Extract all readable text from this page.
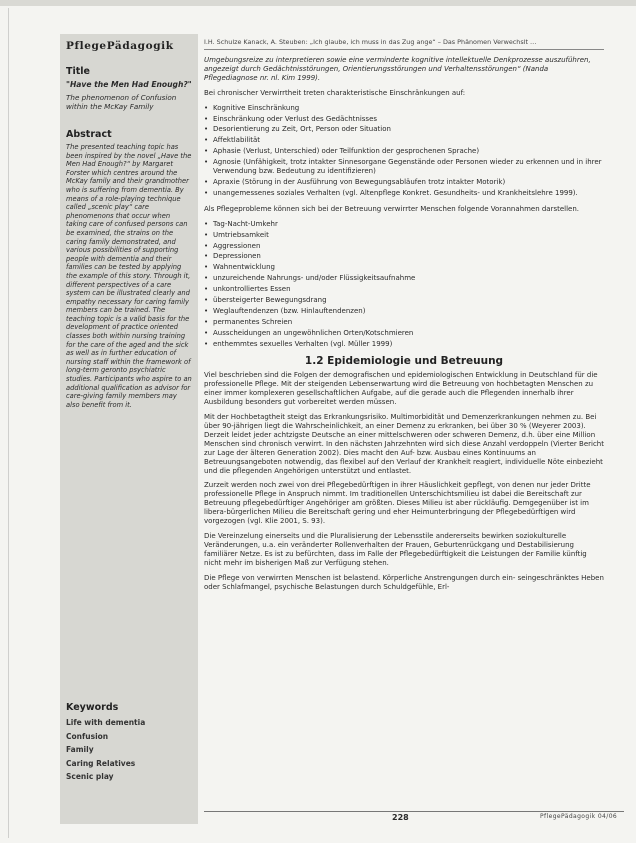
PflegePädagogik
Title
"Have the Men Had Enough?"
The phenomenon of Confusion within the McKay Family
Abstract

The presented teaching topic has been inspired by the novel „Have the Men Had Enough?“ by Margaret Forster which centres around the McKay family and their grandmother who is suffering from dementia. By means of a role-playing technique called „scenic play“ care phenomenons that occur when taking care of confused persons can be examined, the strains on the caring family demonstrated, and various possibilities of supporting people with dementia and their families can be tested by applying the example of this story. Through it, different perspectives of a care system can be illustrated clearly and empathy necessary for caring family members can be trained. The teaching topic is a valid basis for the development of practice oriented classes both within nursing training for the care of the aged and the sick as well as in further education of nursing staff within the framework of long-term geronto psychiatric studies. Participants who aspire to an additional qualification as advisor for care-giving family members may also benefit from it.

Keywords
Life with dementia
Confusion
Family
Caring Relatives
Scenic play
I.H. Schulze Kanack, A. Steuben: „Ich glaube, ich muss in das Zug ange“ – Das Phänomen Verwechslt …

Umgebungsreize zu interpretieren sowie eine verminderte kognitive intellektuelle Denkprozesse auszuführen, angezeigt durch Gedächtnisstörungen, Orientierungsstörungen und Verhaltensstörungen“ (Nanda Pflegediagnose nr. nl. Kim 1999).

Bei chronischer Verwirrtheit treten charakteristische Einschränkungen auf:

• Kognitive Einschränkung
• Einschränkung oder Verlust des Gedächtnisses
• Desorientierung zu Zeit, Ort, Person oder Situation
• Affektlabilität
• Aphasie (Verlust, Unterschied) oder Teilfunktion der gesprochenen Sprache)
• Agnosie (Unfähigkeit, trotz intakter Sinnesorgane Gegenstände oder Personen wieder zu erkennen und in ihrer Verwendung bzw. Bedeutung zu identifizieren)
• Apraxie (Störung in der Ausführung von Bewegungsabläufen trotz intakter Motorik)
• unangemessenes soziales Verhalten (vgl. Altenpflege Konkret. Gesundheits- und Krankheitslehre 1999).

Als Pflegeprobleme können sich bei der Betreuung verwirrter Menschen folgende Vorannahmen darstellen.

• Tag-Nacht-Umkehr
• Umtriebsamkeit
• Aggressionen
• Depressionen
• Wahnentwicklung
• unzureichende Nahrungs- und/oder Flüssigkeitsaufnahme
• unkontrolliertes Essen
• übersteigerter Bewegungsdrang
• Weglauftendenzen (bzw. Hinlauftendenzen)
• permanentes Schreien
• Ausscheidungen an ungewöhnlichen Orten/Kotschmieren
• enthemmtes sexuelles Verhalten (vgl. Müller 1999)
1.2 Epidemiologie und Betreuung

Viel beschrieben sind die Folgen der demografischen und epidemiologischen Entwicklung in Deutschland für die professionelle Pflege. Mit der steigenden Lebenserwartung wird die Betreuung von hochbetagten Menschen zu einer immer komplexeren gesellschaftlichen Aufgabe, auf die gerade auch die Pflegenden innerhalb ihrer Ausbildung besonders gut vorbereitet werden müssen.

Mit der Hochbetagtheit steigt das Erkrankungsrisiko. Multimorbidität und Demenzerkrankungen nehmen zu. Bei über 90-jährigen liegt die Wahrscheinlichkeit, an einer Demenz zu erkranken, bei über 30 % (Weyerer 2003). Derzeit leidet jeder achtzigste Deutsche an einer mittelschweren oder schweren Demenz, d.h. über eine Million Menschen sind chronisch verwirrt. In den nächsten Jahrzehnten wird sich diese Anzahl verdoppeln (Vierter Bericht zur Lage der älteren Generation 2002). Dies macht den Auf- bzw. Ausbau eines Kontinuums an Betreuungsangeboten notwendig, das flexibel auf den Verlauf der Krankheit reagiert, individuelle Nöte einbezieht und die pflegenden Angehörigen unterstützt und entlastet.

Zurzeit werden noch zwei von drei Pflegebedürftigen in ihrer Häuslichkeit gepflegt, von denen nur jeder Dritte professionelle Pflege in Anspruch nimmt. Im traditionellen Unterschichtsmilieu ist dabei die Bereitschaft zur Betreuung pflegebedürftiger Angehöriger am größten. Dieses Milieu ist aber rückläufig. Demgegenüber ist im libera-bürgerlichen Milieu die Bereitschaft gering und eher Heimunterbringung der Pflegebedürftigen wird vorgezogen (vgl. Klie 2001, S. 93).

Die Vereinzelung einerseits und die Pluralisierung der Lebensstile andererseits bewirken soziokulturelle Veränderungen, u.a. ein veränderter Rollenverhalten der Frauen, Geburtenrückgang und Destabilisierung familiärer Netze. Es ist zu befürchten, dass im Falle der Pflegebedürftigkeit die Leistungen der Familie künftig nicht mehr im bisherigen Maß zur Verfügung stehen.

Die Pflege von verwirrten Menschen ist belastend. Körperliche Anstrengungen durch ein- seingeschränktes Heben oder Schlafmangel, psychische Belastungen durch Schuldgefühle, Erl-

228	PflegePädagogik 04/06
